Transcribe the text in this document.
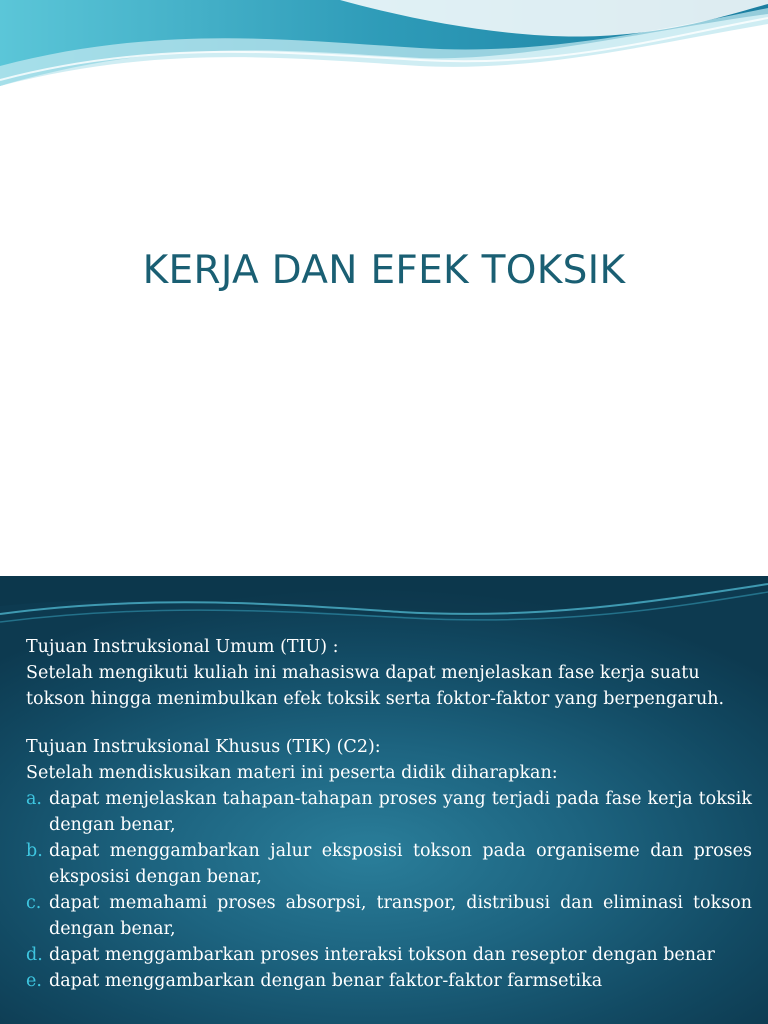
KERJA DAN EFEK TOKSIK

Tujuan Instruksional Umum (TIU) :

Setelah mengikuti kuliah ini mahasiswa dapat menjelaskan fase kerja suatu tokson hingga menimbulkan efek toksik serta foktor-faktor yang berpengaruh.

Tujuan Instruksional Khusus (TIK) (C2):

Setelah mendiskusikan materi ini peserta didik diharapkan:

a. dapat menjelaskan tahapan-tahapan proses yang terjadi pada fase kerja toksik dengan benar,
b. dapat menggambarkan jalur eksposisi tokson pada organiseme dan proses eksposisi dengan benar,
c. dapat memahami proses absorpsi, transpor, distribusi dan eliminasi tokson dengan benar,
d. dapat menggambarkan proses interaksi tokson dan reseptor dengan benar
e. dapat menggambarkan dengan benar faktor-faktor farmsetika
